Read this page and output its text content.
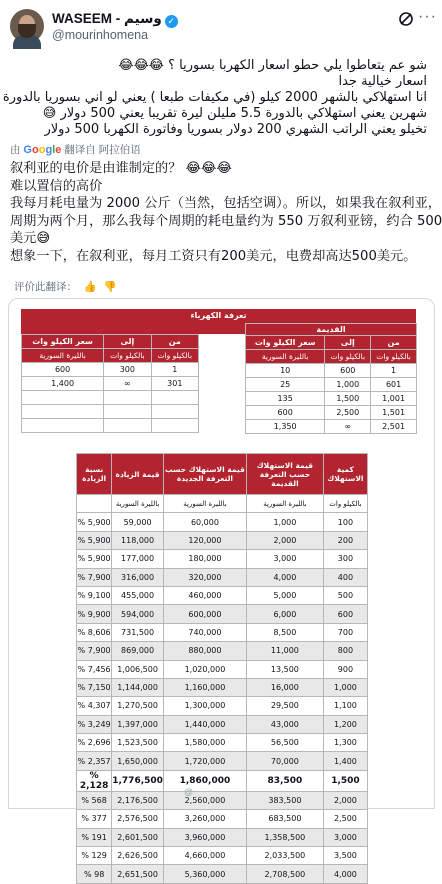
WASEEM - وسيم ✓
@mourinhomena
···
شو عم يتعاطوا يلي حطو اسعار الكهربا بسوريا ؟ 😂😂😂
اسعار خيالية جدا
انا استهلاكي بالشهر 2000 كيلو (في مكيفات طبعا ) يعني لو اني بسوريا بالدورة
شهرين يعني استهلاكي بالدورة 5.5 مليلن ليرة تقريبا يعني 500 دولار 😅
تخيلو يعني الراتب الشهري 200 دولار بسوريا وفاتورة الكهربا 500 دولار
由 Google 翻译自 阿拉伯语
叙利亚的电价是由谁制定的？ 😂😂😂
难以置信的高价
我每月耗电量为 2000 公斤（当然，包括空调）。所以，如果我在叙利亚，
周期为两个月，那么我每个周期的耗电量约为 550 万叙利亚镑，约合 500
美元😅
想象一下，在叙利亚，每月工资只有200美元，电费却高达500美元。
评价此翻译： 👍 👎
تعرفة الكهرباء
سعر الكيلو وات	إلى	من
بالليرة السورية	بالكيلو وات	بالكيلو وات
600	300	1
1,400	∞	301

القديمة		
سعر الكيلو وات	إلى	من
بالليرة السورية	بالكيلو وات	بالكيلو وات
10	600	1
25	1,000	601
135	1,500	1,001
600	2,500	1,501
1,350	∞	2,501
نسبة الزيادة	قيمة الزيادة	قيمة الاستهلاك حسب التعرفة الجديدة	قيمة الاستهلاك حسب التعرفة القديمة	كمية الاستهلاك
	بالليرة السورية	بالليرة السورية	بالليرة السورية	بالكيلو وات
% 5,900	59,000	60,000	1,000	100
% 5,900	118,000	120,000	2,000	200
% 5,900	177,000	180,000	3,000	300
% 7,900	316,000	320,000	4,000	400
% 9,100	455,000	460,000	5,000	500
% 9,900	594,000	600,000	6,000	600
% 8,606	731,500	740,000	8,500	700
% 7,900	869,000	880,000	11,000	800
% 7,456	1,006,500	1,020,000	13,500	900
% 7,150	1,144,000	1,160,000	16,000	1,000
% 4,307	1,270,500	1,300,000	29,500	1,100
% 3,249	1,397,000	1,440,000	43,000	1,200
% 2,696	1,523,500	1,580,000	56,500	1,300
% 2,357	1,650,000	1,720,000	70,000	1,400
% 2,128	1,776,500	1,860,000	83,500	1,500
% 568	2,176,500	2,560,000	383,500	2,000
% 377	2,576,500	3,260,000	683,500	2,500
% 191	2,601,500	3,960,000	1,358,500	3,000
% 129	2,626,500	4,660,000	2,033,500	3,500
% 98	2,651,500	5,360,000	2,708,500	4,000
@
